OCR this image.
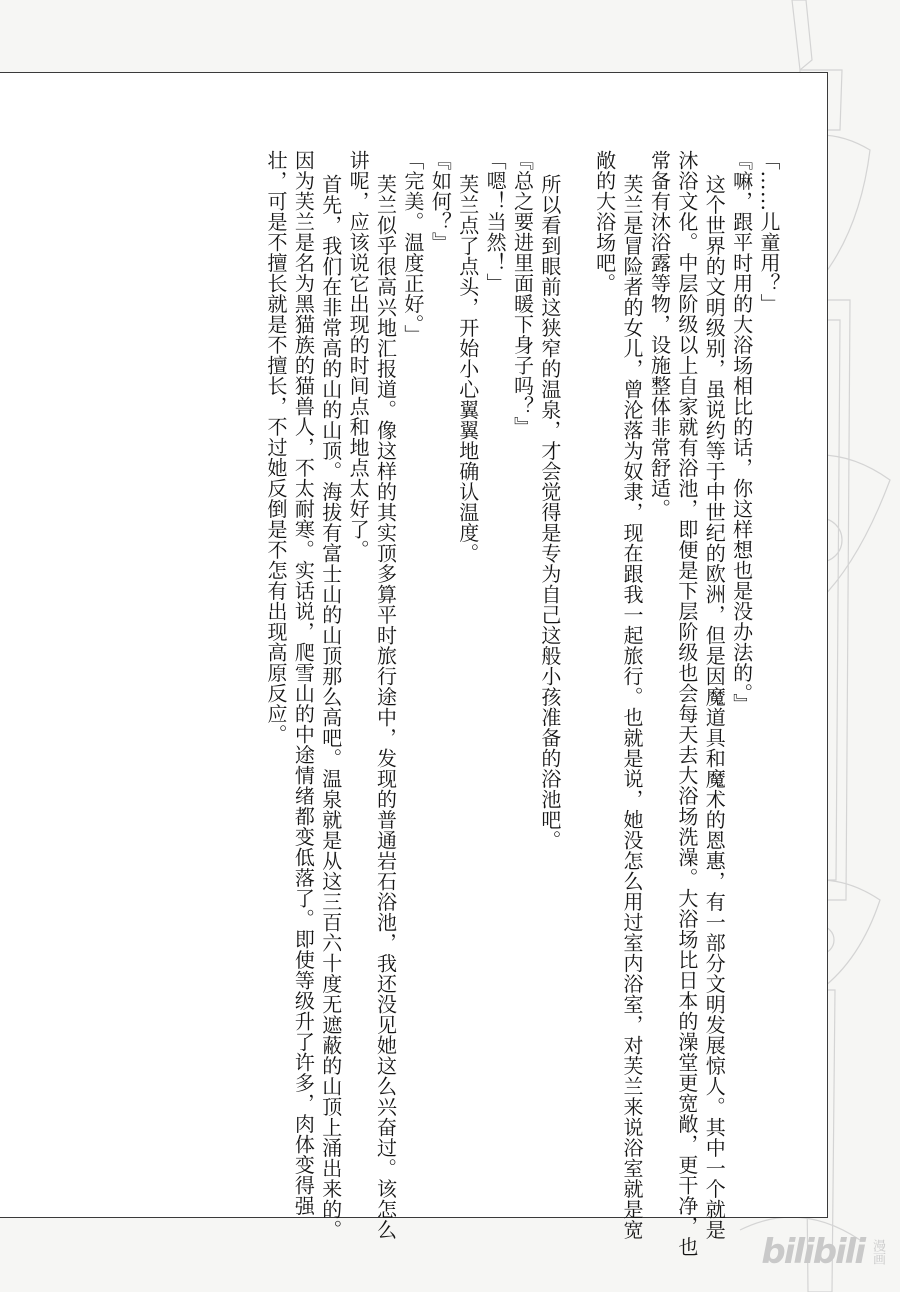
「……儿童用？」
『嘛，跟平时用的大浴场相比的话，你这样想也是没办法的。』
这个世界的文明级别，虽说约等于中世纪的欧洲，但是因魔道具和魔术的恩惠，有一部分文明发展惊人。其中一个就是
沐浴文化。中层阶级以上自家就有浴池，即便是下层阶级也会每天去大浴场洗澡。大浴场比日本的澡堂更宽敞，更干净，也
常备有沐浴露等物，设施整体非常舒适。
芙兰是冒险者的女儿，曾沦落为奴隶，现在跟我一起旅行。也就是说，她没怎么用过室内浴室，对芙兰来说浴室就是宽
敞的大浴场吧。
所以看到眼前这狭窄的温泉，才会觉得是专为自己这般小孩准备的浴池吧。
『总之要进里面暖下身子吗？』
「嗯！当然！」
芙兰点了点头，开始小心翼翼地确认温度。
『如何？』
「完美。温度正好。」
芙兰似乎很高兴地汇报道。像这样的其实顶多算平时旅行途中，发现的普通岩石浴池，我还没见她这么兴奋过。该怎么
讲呢，应该说它出现的时间点和地点太好了。
首先，我们在非常高的山的山顶。海拔有富士山的山顶那么高吧。温泉就是从这三百六十度无遮蔽的山顶上涌出来的。
因为芙兰是名为黑猫族的猫兽人，不太耐寒。实话说，爬雪山的中途情绪都变低落了。即使等级升了许多，肉体变得强
壮，可是不擅长就是不擅长，不过她反倒是不怎有出现高原反应。
bilibili 漫画
